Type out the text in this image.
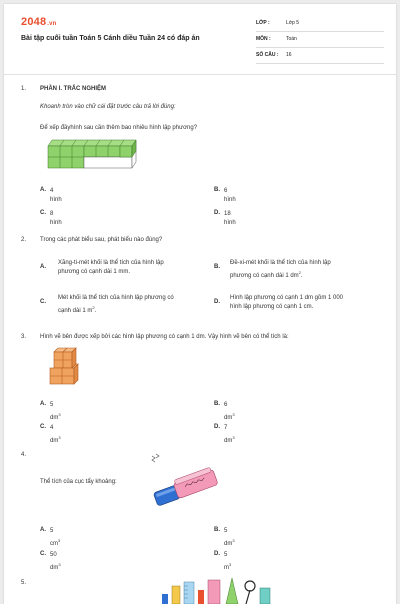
2048.vn
Bài tập cuối tuần Toán 5 Cánh diều Tuần 24 có đáp án
LỚP :	Lớp 5
MÔN :	Toán
SỐ CÂU : 16
1. PHẦN I. TRẮC NGHIỆM
Khoanh tròn vào chữ cái đặt trước câu trả lời đúng:
Để xếp đầyhình sau cần thêm bao nhiêu hình lập phương?
A. 4 hình
B. 6 hình
C. 8 hình
D. 18 hình
2. Trong các phát biểu sau, phát biểu nào đúng?
A.
Xăng-ti-mét khối là thể tích của hình lập
phương có cạnh dài 1 mm.
B.
Đề-xi-mét khối là thể tích của hình lập
phương có cạnh dài 1 $dm^2$.
C.
Mét khối là thể tích của hình lập phương có
cạnh dài 1 $m^2$.
D.
Hình lập phương có cạnh 1 dm gồm 1 000
hình lập phương có cạnh 1 cm.
3. Hình vẽ bên được xếp bởi các hình lập phương có cạnh 1 dm. Vậy hình vẽ bên có thể tích là:
A. 5 $dm^3$
B. 6 $dm^3$
C. 4 $dm^3$
D. 7 $dm^3$
4.
Thể tích của cục tẩy khoảng:
A. 5 $cm^3$
B. 5 $dm^3$
C. 50 $dm^3$
D. 5 $m^3$
5.
